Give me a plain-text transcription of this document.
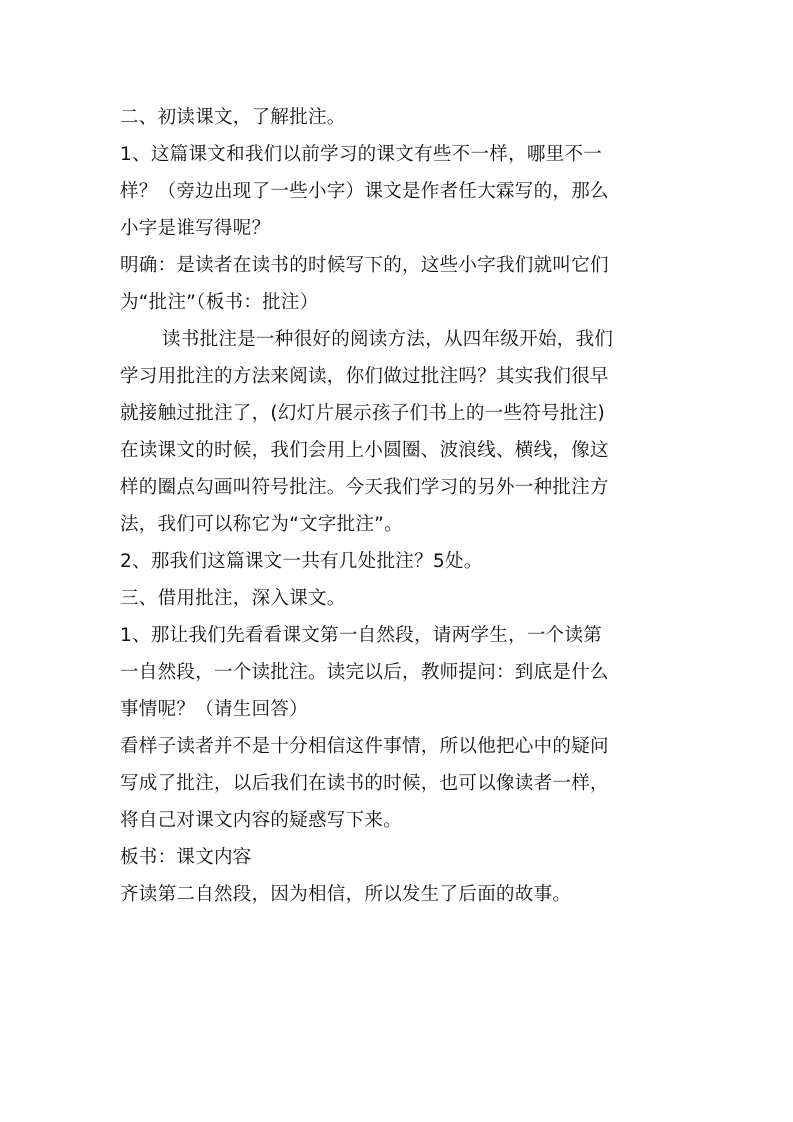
二、初读课文，了解批注。
1、这篇课文和我们以前学习的课文有些不一样，哪里不一
样？（旁边出现了一些小字）课文是作者任大霖写的，那么
小字是谁写得呢？
明确：是读者在读书的时候写下的，这些小字我们就叫它们
为“批注”（板书：批注）
读书批注是一种很好的阅读方法，从四年级开始，我们
学习用批注的方法来阅读，你们做过批注吗？其实我们很早
就接触过批注了，(幻灯片展示孩子们书上的一些符号批注)
在读课文的时候，我们会用上小圆圈、波浪线、横线，像这
样的圈点勾画叫符号批注。今天我们学习的另外一种批注方
法，我们可以称它为“文字批注”。
2、那我们这篇课文一共有几处批注？5处。
三、借用批注，深入课文。
1、那让我们先看看课文第一自然段，请两学生，一个读第
一自然段，一个读批注。读完以后，教师提问：到底是什么
事情呢？（请生回答）
看样子读者并不是十分相信这件事情，所以他把心中的疑问
写成了批注，以后我们在读书的时候，也可以像读者一样，
将自己对课文内容的疑惑写下来。
板书：课文内容
齐读第二自然段，因为相信，所以发生了后面的故事。
